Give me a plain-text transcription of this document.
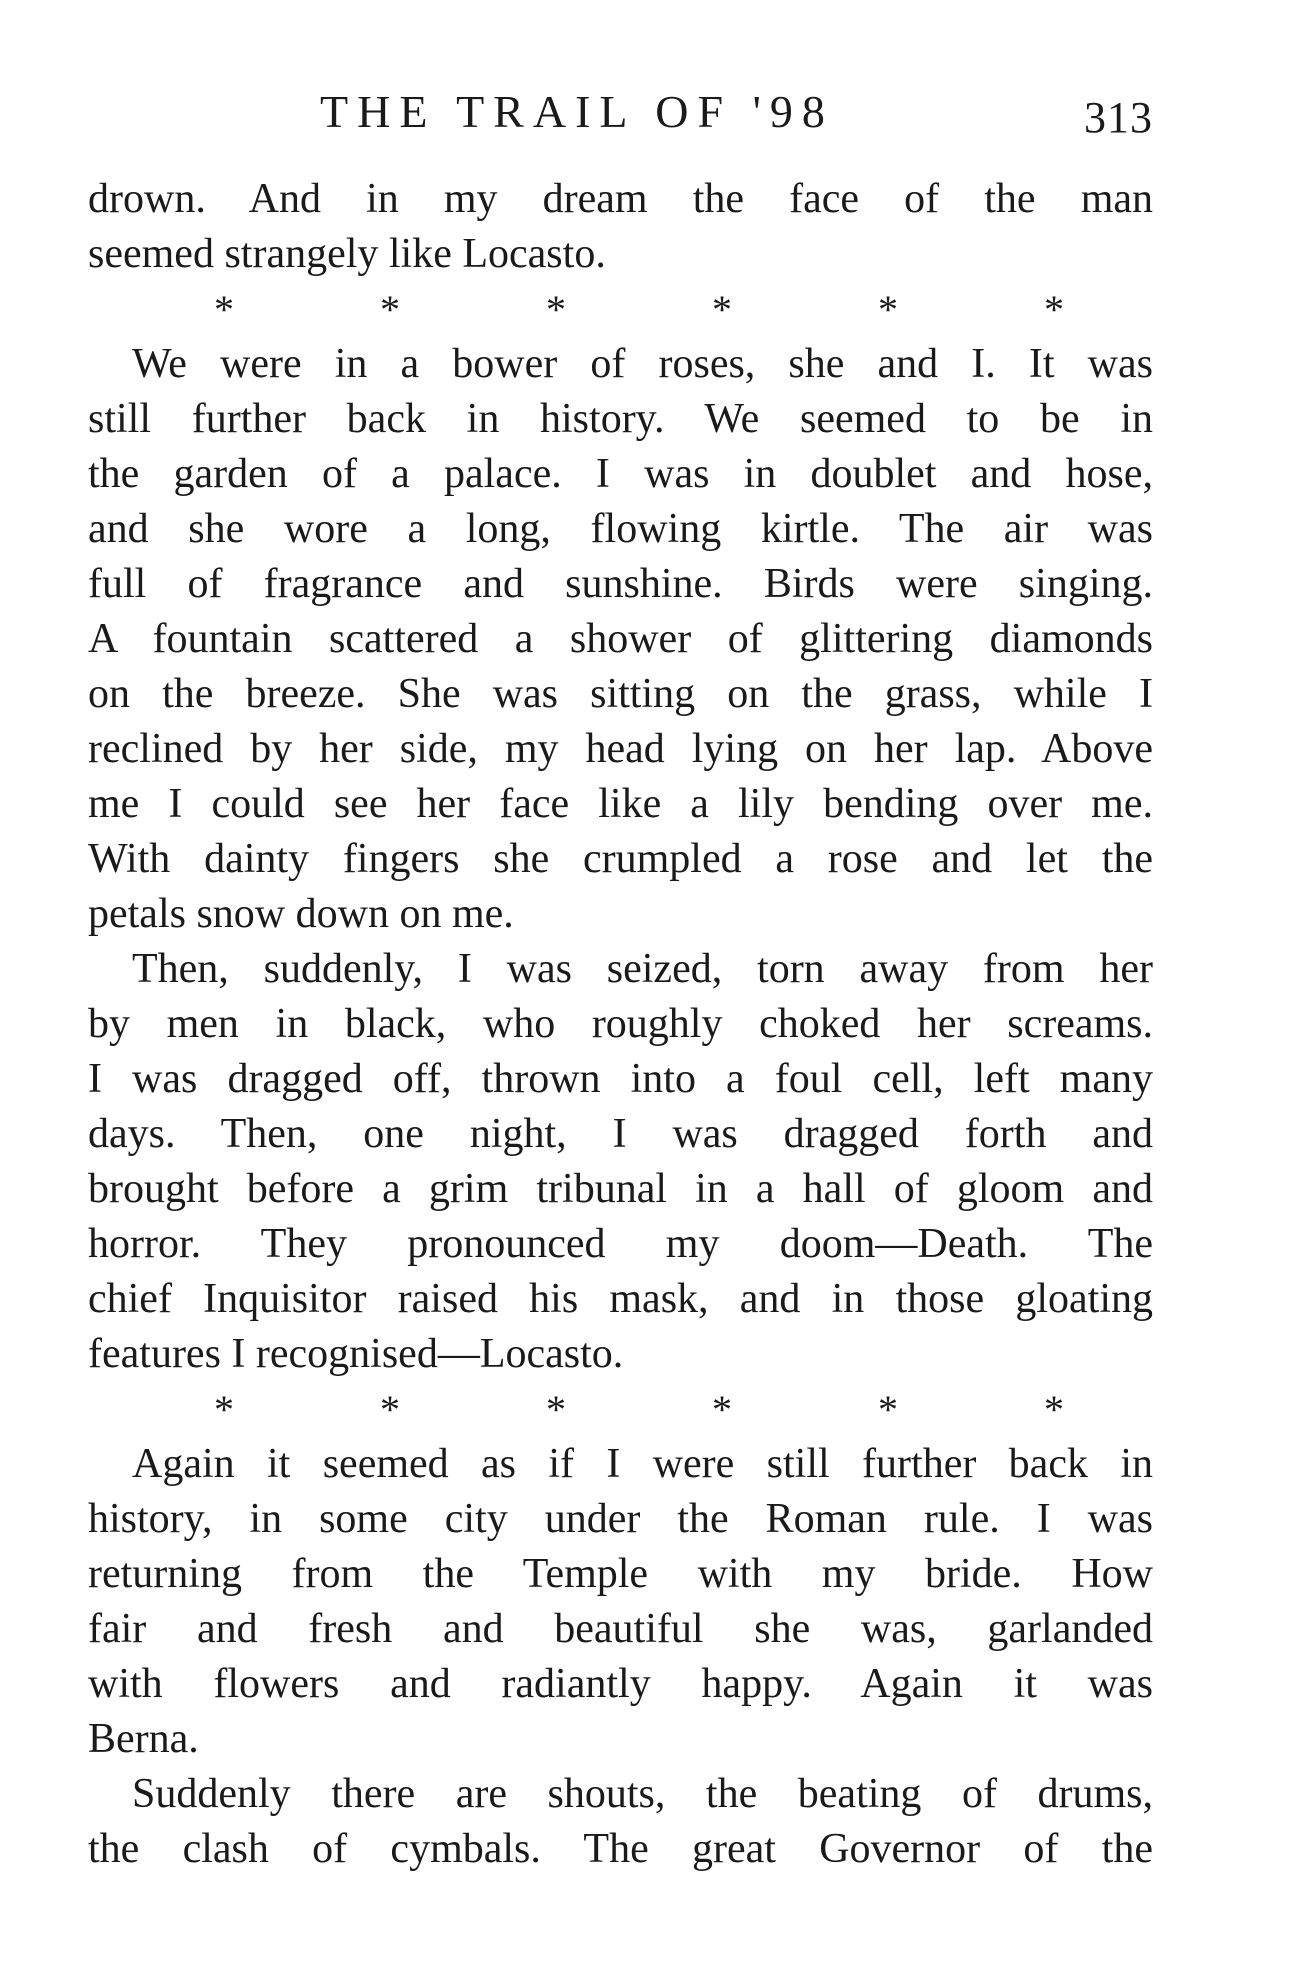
THE TRAIL OF '98	313
drown. And in my dream the face of the man
seemed strangely like Locasto.
*	*	*	*	*	*
We were in a bower of roses, she and I. It was
still further back in history. We seemed to be in
the garden of a palace. I was in doublet and hose,
and she wore a long, flowing kirtle. The air was
full of fragrance and sunshine. Birds were singing.
A fountain scattered a shower of glittering diamonds
on the breeze. She was sitting on the grass, while I
reclined by her side, my head lying on her lap. Above
me I could see her face like a lily bending over me.
With dainty fingers she crumpled a rose and let the
petals snow down on me.
Then, suddenly, I was seized, torn away from her
by men in black, who roughly choked her screams.
I was dragged off, thrown into a foul cell, left many
days. Then, one night, I was dragged forth and
brought before a grim tribunal in a hall of gloom and
horror. They pronounced my doom—Death. The
chief Inquisitor raised his mask, and in those gloating
features I recognised—Locasto.
*	*	*	*	*	*
Again it seemed as if I were still further back in
history, in some city under the Roman rule. I was
returning from the Temple with my bride. How
fair and fresh and beautiful she was, garlanded
with flowers and radiantly happy. Again it was
Berna.
Suddenly there are shouts, the beating of drums,
the clash of cymbals. The great Governor of the
